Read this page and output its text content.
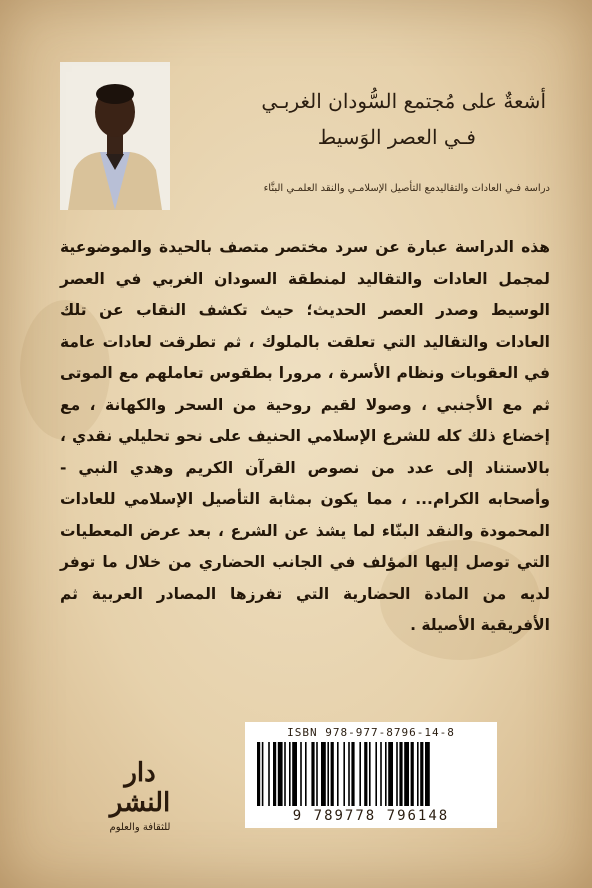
أشعةٌ على مُجتمع السُّودان الغربـي
فـي العصر الوَسيط
دراسة فـي العادات والتقاليدمع التأصيل الإسلامـي والنقد العلمـي البنَّاء

هذه الدراسة عبارة عن سرد مختصر متصف بالحيدة والموضوعية لمجمل العادات والتقاليد لمنطقة السودان الغربي في العصر الوسيط وصدر العصر الحديث؛ حيث تكشف النقاب عن تلك العادات والتقاليد التي تعلقت بالملوك ، ثم تطرقت لعادات عامة في العقوبات ونظام الأسرة ، مرورا بطقوس تعاملهم مع الموتى ثم مع الأجنبي ، وصولا لقيم روحية من السحر والكهانة ، مع إخضاع ذلك كله للشرع الإسلامي الحنيف على نحو تحليلي نقدي ، بالاستناد إلى عدد من نصوص القرآن الكريم وهدي النبي - وأصحابه الكرام... ، مما يكون بمثابة التأصيل الإسلامي للعادات المحمودة والنقد البنّاء لما يشذ عن الشرع ، بعد عرض المعطيات التي توصل إليها المؤلف في الجانب الحضاري من خلال ما توفر لديه من المادة الحضارية التي تفرزها المصادر العربية ثم الأفريقية الأصيلة .

دار النشر
للثقافة والعلوم
ISBN 978-977-8796-14-8
9 789778 796148
